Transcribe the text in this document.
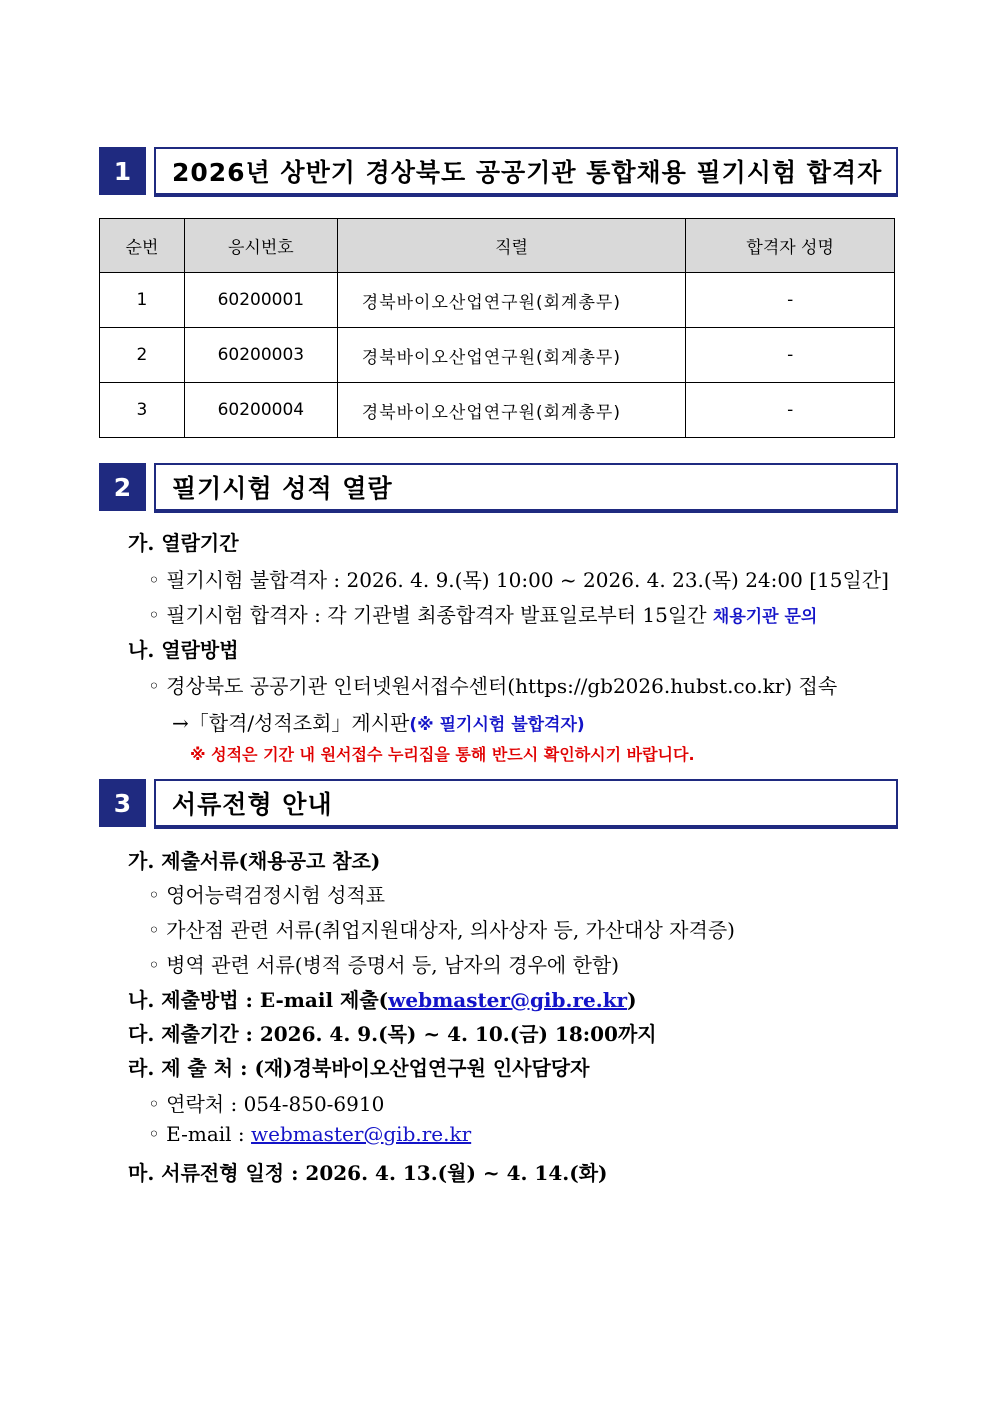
1	2026년 상반기 경상북도 공공기관 통합채용 필기시험 합격자
순번	응시번호	직렬	합격자 성명
1	60200001	경북바이오산업연구원(회계총무)	-
2	60200003	경북바이오산업연구원(회계총무)	-
3	60200004	경북바이오산업연구원(회계총무)	-
2	필기시험 성적 열람
가. 열람기간
◦ 필기시험 불합격자 : 2026. 4. 9.(목) 10:00 ~ 2026. 4. 23.(목) 24:00 [15일간]
◦ 필기시험 합격자 : 각 기관별 최종합격자 발표일로부터 15일간 채용기관 문의
나. 열람방법
◦ 경상북도 공공기관 인터넷원서접수센터(https://gb2026.hubst.co.kr) 접속
→「합격/성적조회」게시판(※ 필기시험 불합격자)
※ 성적은 기간 내 원서접수 누리집을 통해 반드시 확인하시기 바랍니다.
3	서류전형 안내
가. 제출서류(채용공고 참조)
◦ 영어능력검정시험 성적표
◦ 가산점 관련 서류(취업지원대상자, 의사상자 등, 가산대상 자격증)
◦ 병역 관련 서류(병적 증명서 등, 남자의 경우에 한함)
나. 제출방법 : E-mail 제출(webmaster@gib.re.kr)
다. 제출기간 : 2026. 4. 9.(목) ~ 4. 10.(금) 18:00까지
라. 제 출 처 : (재)경북바이오산업연구원 인사담당자
◦ 연락처 : 054-850-6910
◦ E-mail : webmaster@gib.re.kr
마. 서류전형 일정 : 2026. 4. 13.(월) ~ 4. 14.(화)
